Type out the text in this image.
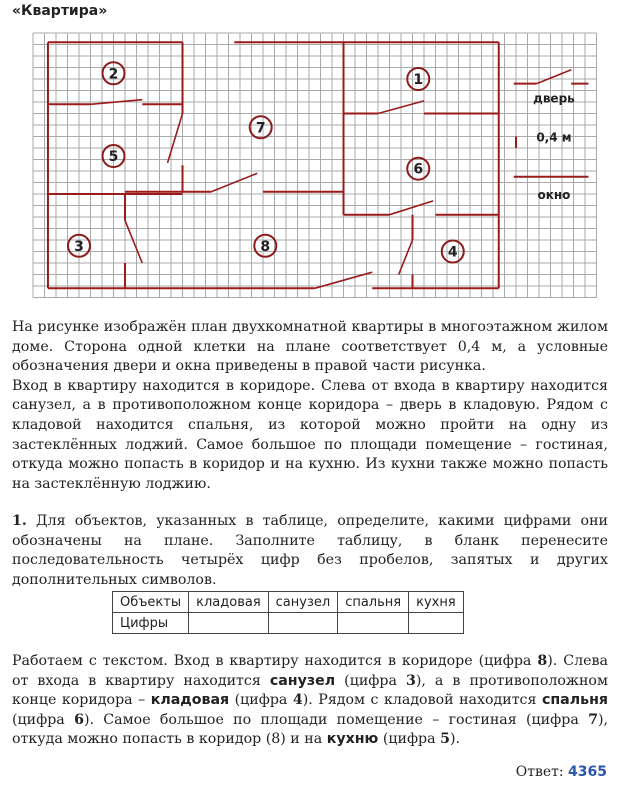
«Квартира»
1
2
3	4
5
6
7
8
дверь
0,4 м
окно

На рисунке изображён план двухкомнатной квартиры в многоэтажном жилом доме. Сторона одной клетки на плане соответствует 0,4 м, а условные обозначения двери и окна приведены в правой части рисунка.

Вход в квартиру находится в коридоре. Слева от входа в квартиру находится санузел, а в противоположном конце коридора – дверь в кладовую. Рядом с кладовой находится спальня, из которой можно пройти на одну из застеклённых лоджий. Самое большое по площади помещение – гостиная, откуда можно попасть в коридор и на кухню. Из кухни также можно попасть на застеклённую лоджию.

1. Для объектов, указанных в таблице, определите, какими цифрами они обозначены на плане. Заполните таблицу, в бланк перенесите последовательность четырёх цифр без пробелов, запятых и других дополнительных символов.
Объекты	кладовая	санузел	спальня	кухня
Цифры				
Работаем с текстом. Вход в квартиру находится в коридоре (цифра 8). Слева от входа в квартиру находится санузел (цифра 3), а в противоположном конце коридора – кладовая (цифра 4). Рядом с кладовой находится спальня (цифра 6). Самое большое по площади помещение – гостиная (цифра 7), откуда можно попасть в коридор (8) и на кухню (цифра 5).
Ответ: 4365
